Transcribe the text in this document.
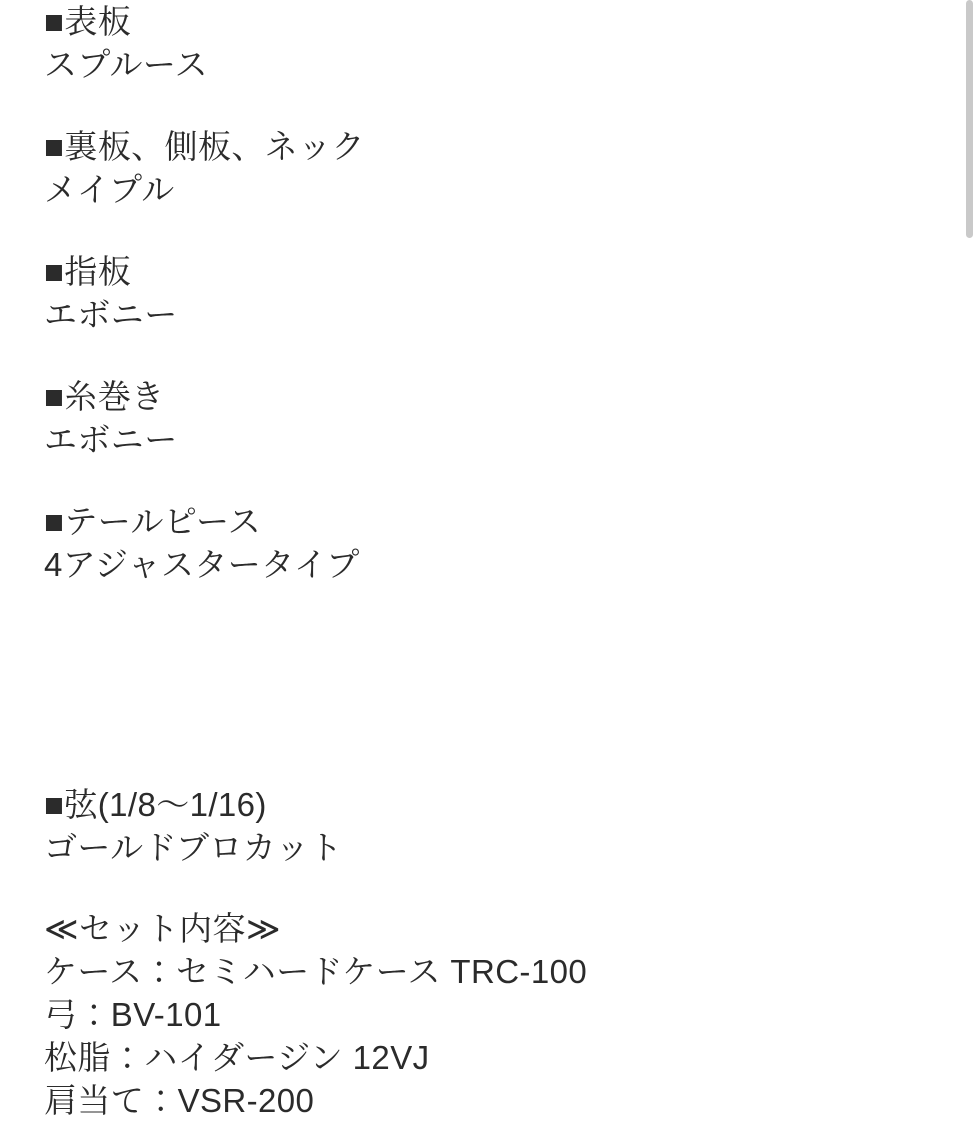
■表板
スプルース
■裏板、側板、ネック
メイプル
■指板
エボニー
■糸巻き
エボニー
■テールピース
4アジャスタータイプ
■弦(1/8〜1/16)
ゴールドブロカット
≪セット内容≫
ケース：セミハードケース TRC-100
弓：BV-101
松脂：ハイダージン 12VJ
肩当て：VSR-200
